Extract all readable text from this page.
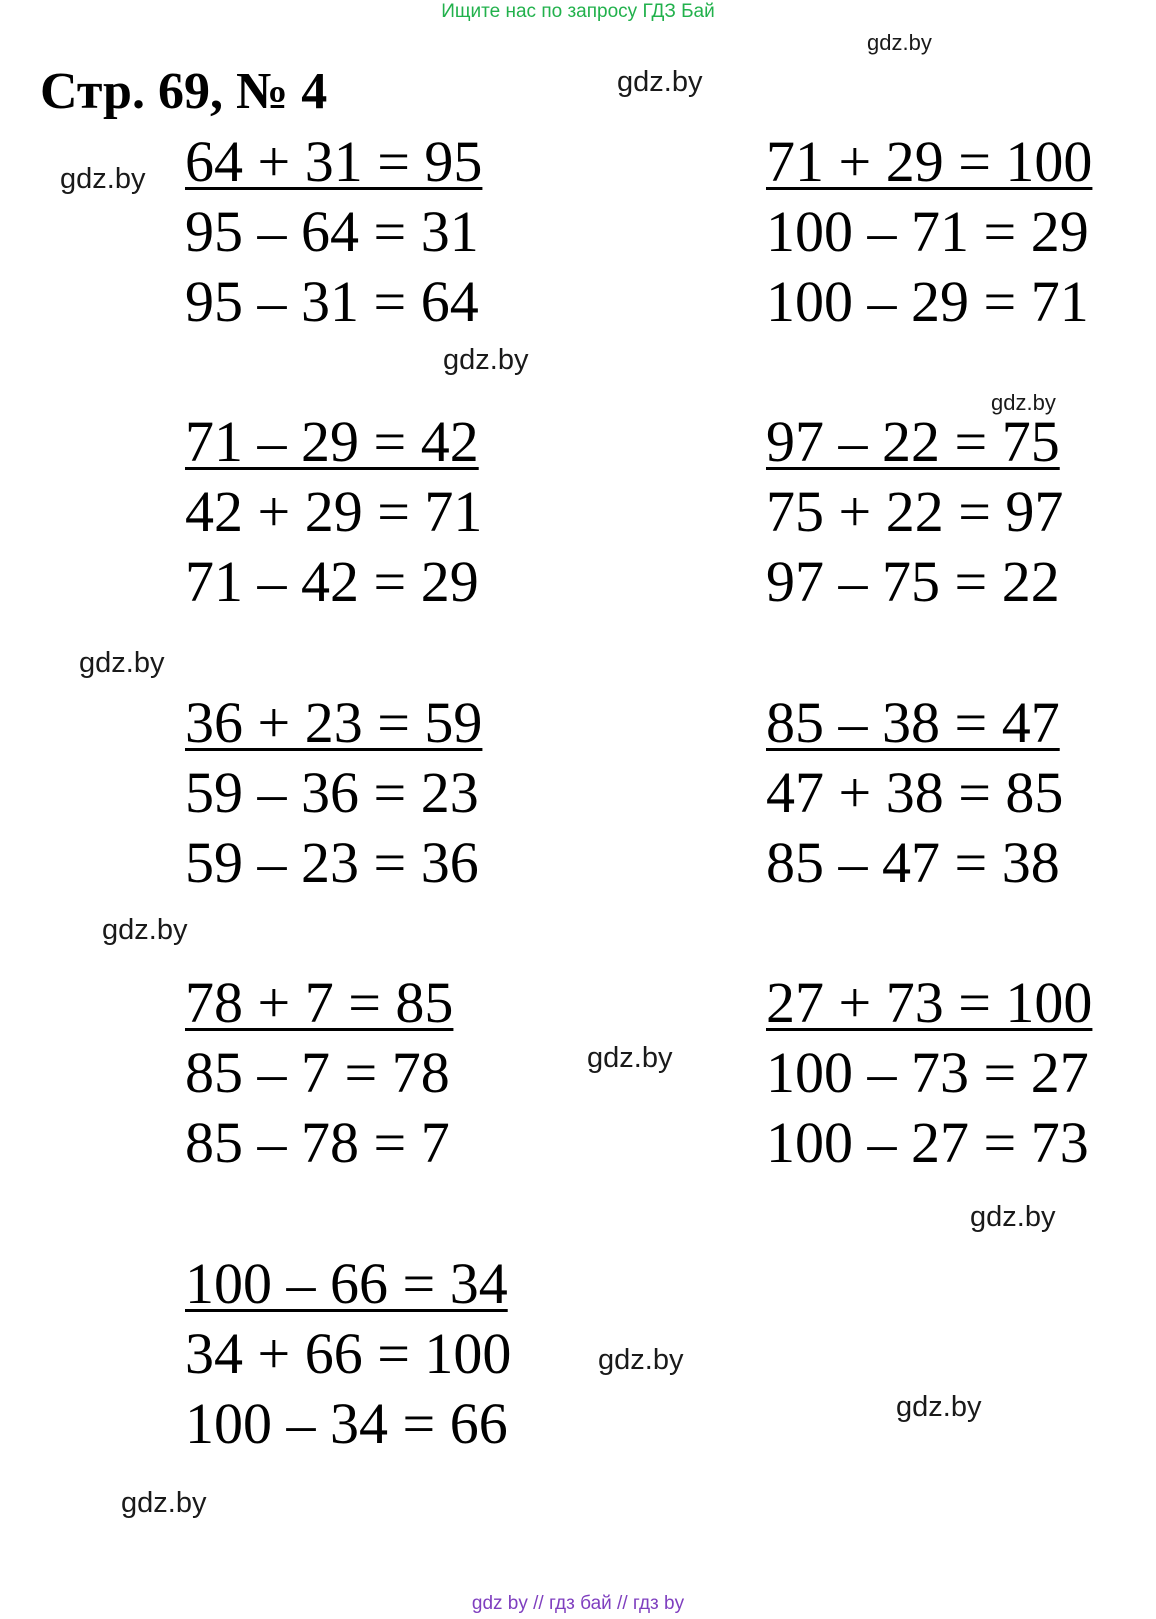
Ищите нас по запросу ГДЗ Бай
Стр. 69, № 4
64 + 31 = 95
95 – 64 = 31
95 – 31 = 64
71 + 29 = 100
100 – 71 = 29
100 – 29 = 71
71 – 29 = 42
42 + 29 = 71
71 – 42 = 29
97 – 22 = 75
75 + 22 = 97
97 – 75 = 22
36 + 23 = 59
59 – 36 = 23
59 – 23 = 36
85 – 38 = 47
47 + 38 = 85
85 – 47 = 38
78 + 7 = 85
85 – 7 = 78
85 – 78 = 7
27 + 73 = 100
100 – 73 = 27
100 – 27 = 73
100 – 66 = 34
34 + 66 = 100
100 – 34 = 66
gdz.by
gdz.by
gdz.by
gdz.by
gdz.by
gdz.by
gdz.by
gdz.by
gdz.by
gdz.by
gdz.by
gdz.by
gdz by // гдз бай // гдз by
